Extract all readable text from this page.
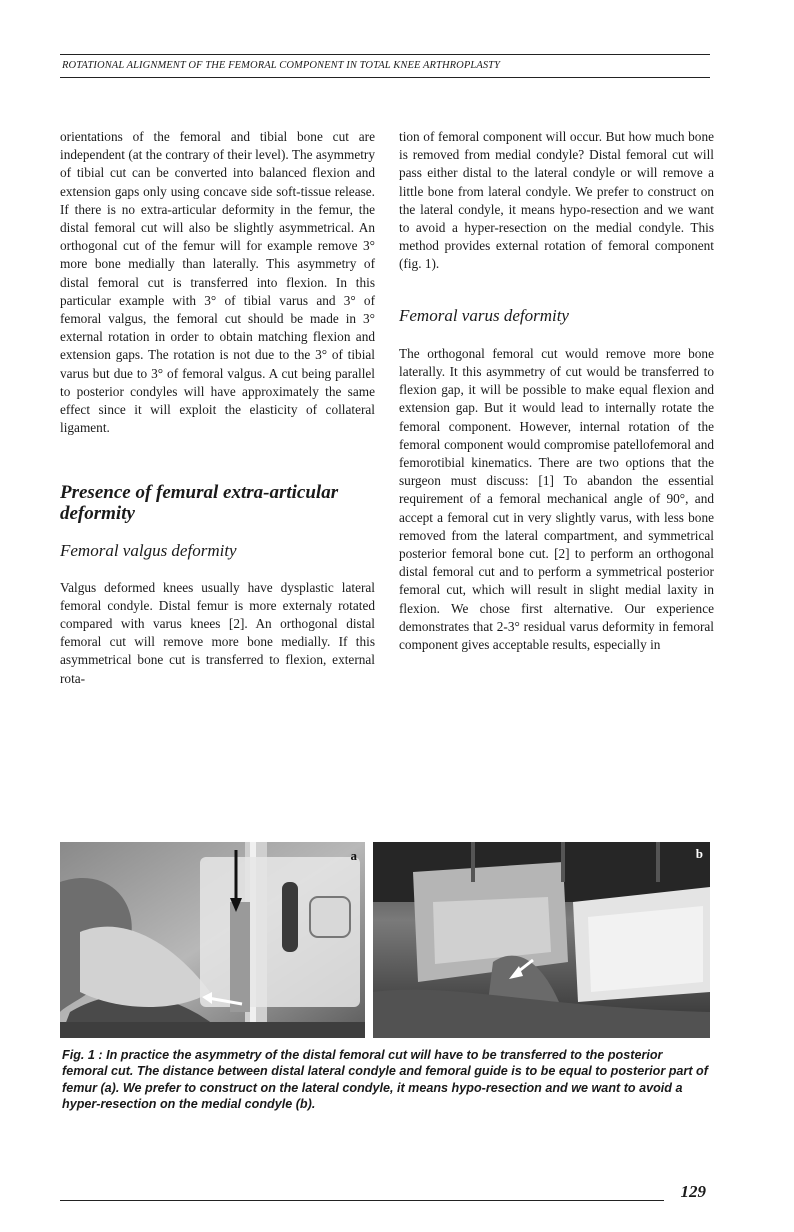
ROTATIONAL ALIGNMENT OF THE FEMORAL COMPONENT IN TOTAL KNEE ARTHROPLASTY

orientations of the femoral and tibial bone cut are independent (at the contrary of their level). The asymmetry of tibial cut can be converted into balanced flexion and extension gaps only using concave side soft-tissue release. If there is no extra-articular deformity in the femur, the distal femoral cut will also be slightly asymmetrical. An orthogonal cut of the femur will for example remove 3° more bone medially than laterally. This asymmetry of distal femoral cut is transferred into flexion. In this particular example with 3° of tibial varus and 3° of femoral valgus, the femoral cut should be made in 3° external rotation in order to obtain matching flexion and extension gaps. The rotation is not due to the 3° of tibial varus but due to 3° of femoral valgus. A cut being parallel to posterior condyles will have approximately the same effect since it will exploit the elasticity of collateral ligament.

Presence of femural extra-articular deformity
Femoral valgus deformity

Valgus deformed knees usually have dysplastic lateral femoral condyle. Distal femur is more externaly rotated compared with varus knees [2]. An orthogonal distal femoral cut will remove more bone medially. If this asymmetrical bone cut is transferred to flexion, external rota-

tion of femoral component will occur. But how much bone is removed from medial condyle? Distal femoral cut will pass either distal to the lateral condyle or will remove a little bone from lateral condyle. We prefer to construct on the lateral condyle, it means hypo-resection and we want to avoid a hyper-resection on the medial condyle. This method provides external rotation of femoral component (fig. 1).

Femoral varus deformity

The orthogonal femoral cut would remove more bone laterally. It this asymmetry of cut would be transferred to flexion gap, it will be possible to make equal flexion and extension gap. But it would lead to internally rotate the femoral component. However, internal rotation of the femoral component would compromise patellofemoral and femorotibial kinematics. There are two options that the surgeon must discuss: [1] To abandon the essential requirement of a femoral mechanical angle of 90°, and accept a femoral cut in very slightly varus, with less bone removed from the lateral compartment, and symmetrical posterior femoral bone cut. [2] to perform an orthogonal distal femoral cut and to perform a symmetrical posterior femoral cut, which will result in slight medial laxity in flexion. We chose first alternative. Our experience demonstrates that 2-3° residual varus deformity in femoral component gives acceptable results, especially in

a	b
Fig. 1 : In practice the asymmetry of the distal femoral cut will have to be transferred to the posterior femoral cut. The distance between distal lateral condyle and femoral guide is to be equal to posterior part of femur (a). We prefer to construct on the lateral condyle, it means hypo-resection and we want to avoid a hyper-resection on the medial condyle (b).
129
